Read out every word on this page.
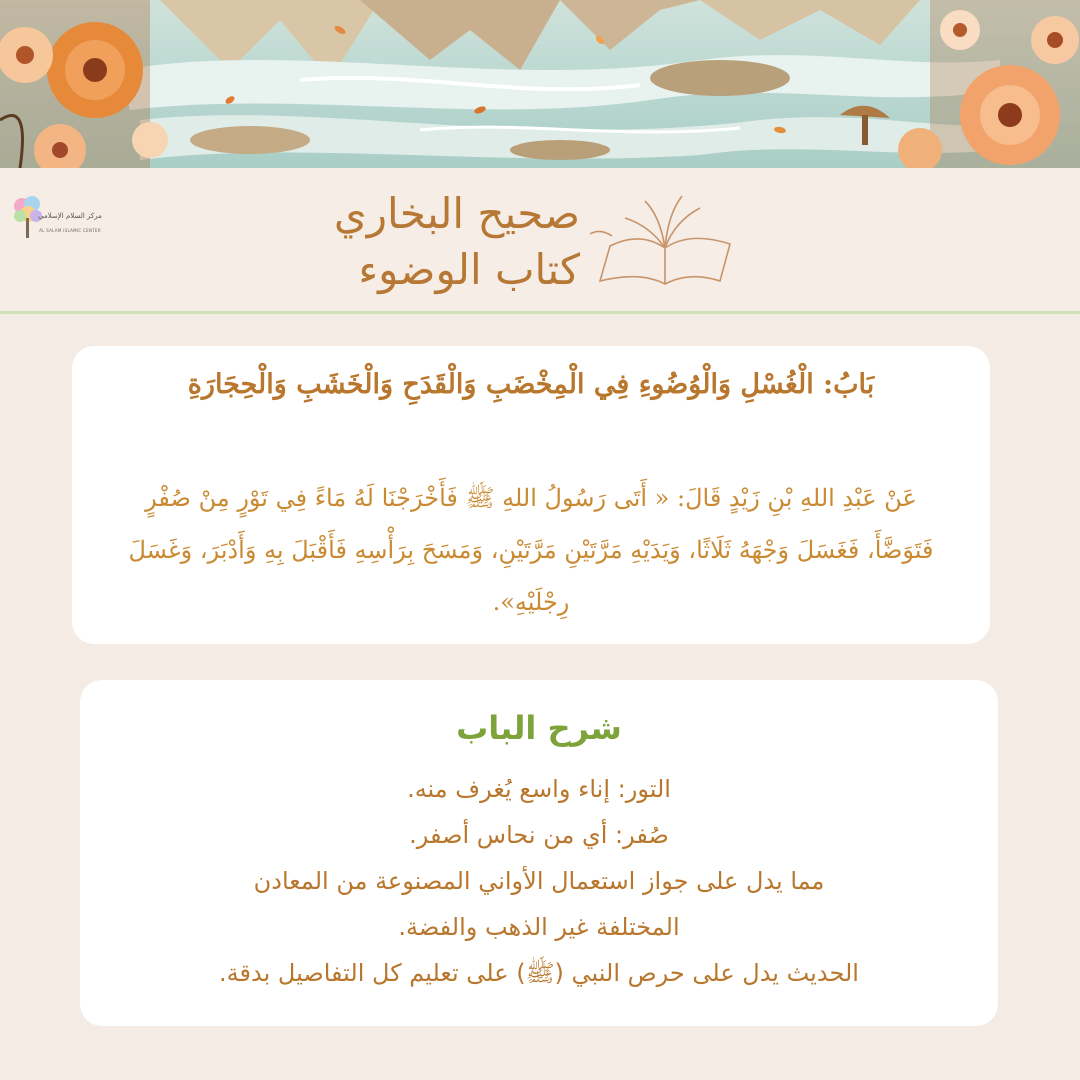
مركز السلام الإسلامي
AL SALAM ISLAMIC CENTER	صحيح البخاري
كتاب الوضوء
بَابُ: الْغُسْلِ وَالْوُضُوءِ فِي الْمِخْضَبِ وَالْقَدَحِ وَالْخَشَبِ وَالْحِجَارَةِ
عَنْ عَبْدِ اللهِ بْنِ زَيْدٍ قَالَ: « أَتَى رَسُولُ اللهِ ﷺ فَأَخْرَجْنَا لَهُ مَاءً فِي تَوْرٍ مِنْ صُفْرٍ فَتَوَضَّأَ، فَغَسَلَ وَجْهَهُ ثَلَاثًا، وَيَدَيْهِ مَرَّتَيْنِ مَرَّتَيْنِ، وَمَسَحَ بِرَأْسِهِ فَأَقْبَلَ بِهِ وَأَدْبَرَ، وَغَسَلَ رِجْلَيْهِ».
شرح الباب
التور: إناء واسع يُغرف منه.
صُفر: أي من نحاس أصفر.
مما يدل على جواز استعمال الأواني المصنوعة من المعادن
المختلفة غير الذهب والفضة.
الحديث يدل على حرص النبي (ﷺ) على تعليم كل التفاصيل بدقة.
